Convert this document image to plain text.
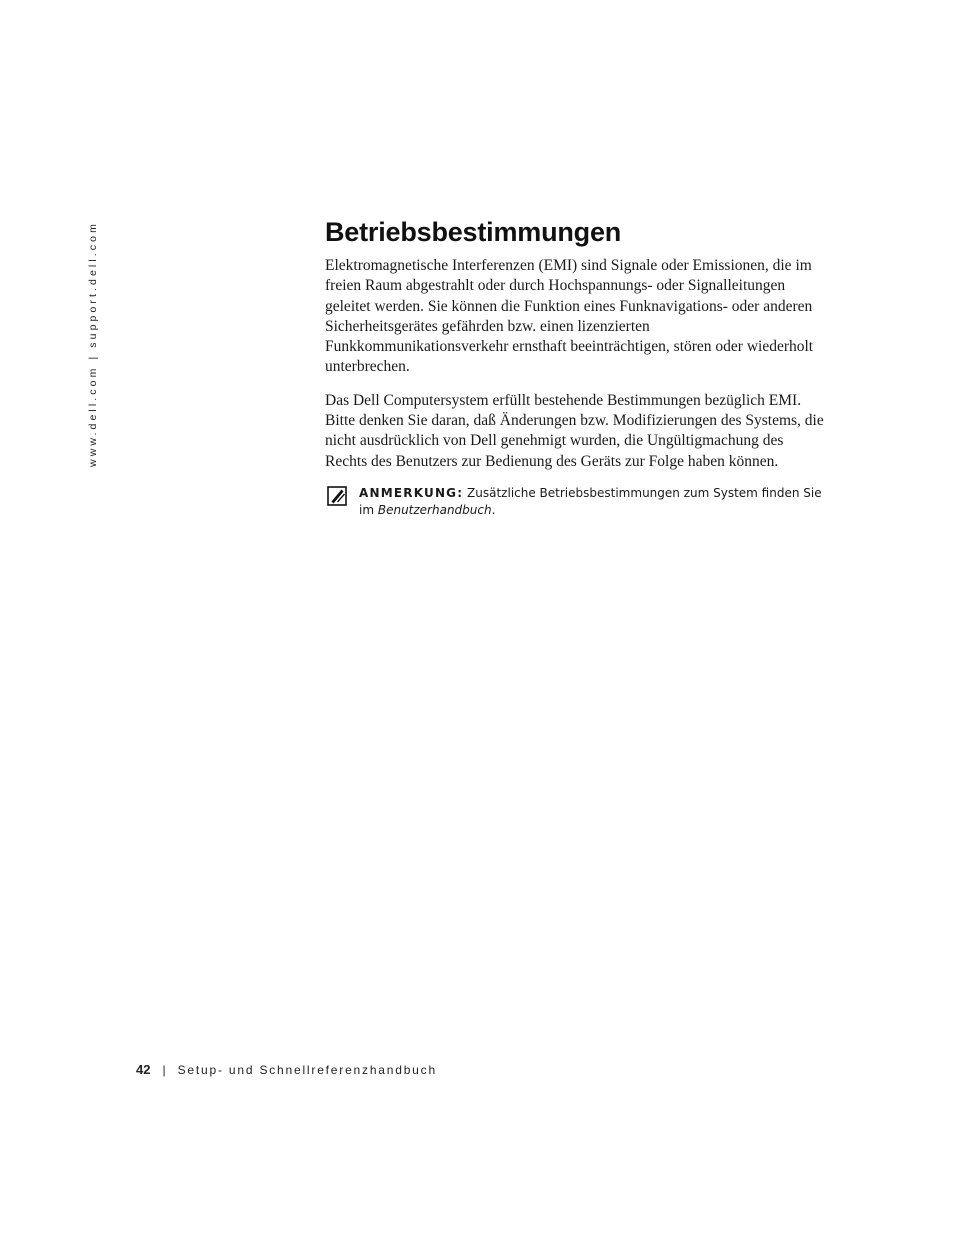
www.dell.com | support.dell.com	Betriebsbestimmungen

Elektromagnetische Interferenzen (EMI) sind Signale oder Emissionen, die im freien Raum abgestrahlt oder durch Hochspannungs- oder Signalleitungen geleitet werden. Sie können die Funktion eines Funknavigations- oder anderen Sicherheitsgerätes gefährden bzw. einen lizenzierten Funkkommunikationsverkehr ernsthaft beeinträchtigen, stören oder wiederholt unterbrechen.

Das Dell Computersystem erfüllt bestehende Bestimmungen bezüglich EMI. Bitte denken Sie daran, daß Änderungen bzw. Modifizierungen des Systems, die nicht ausdrücklich von Dell genehmigt wurden, die Ungültigmachung des Rechts des Benutzers zur Bedienung des Geräts zur Folge haben können.

ANMERKUNG: Zusätzliche Betriebsbestimmungen zum System finden Sie im Benutzerhandbuch.
42 | Setup- und Schnellreferenzhandbuch
